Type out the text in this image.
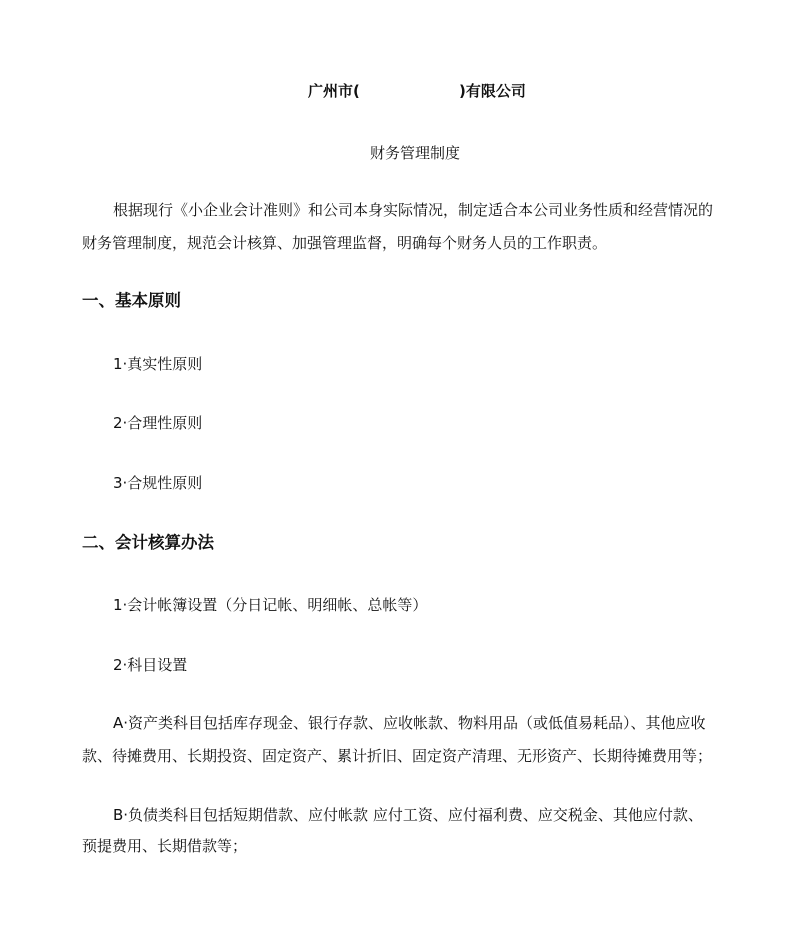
广州市(	)有限公司
财务管理制度
根据现行《小企业会计准则》和公司本身实际情况，制定适合本公司业务性质和经营情况的
财务管理制度，规范会计核算、加强管理监督，明确每个财务人员的工作职责。
一、基本原则
1·真实性原则
2·合理性原则
3·合规性原则
二、会计核算办法
1·会计帐簿设置（分日记帐、明细帐、总帐等）
2·科目设置
A·资产类科目包括库存现金、银行存款、应收帐款、物料用品（或低值易耗品）、其他应收
款、待摊费用、长期投资、固定资产、累计折旧、固定资产清理、无形资产、长期待摊费用等；
B·负债类科目包括短期借款、应付帐款 应付工资、应付福利费、应交税金、其他应付款、
预提费用、长期借款等；
